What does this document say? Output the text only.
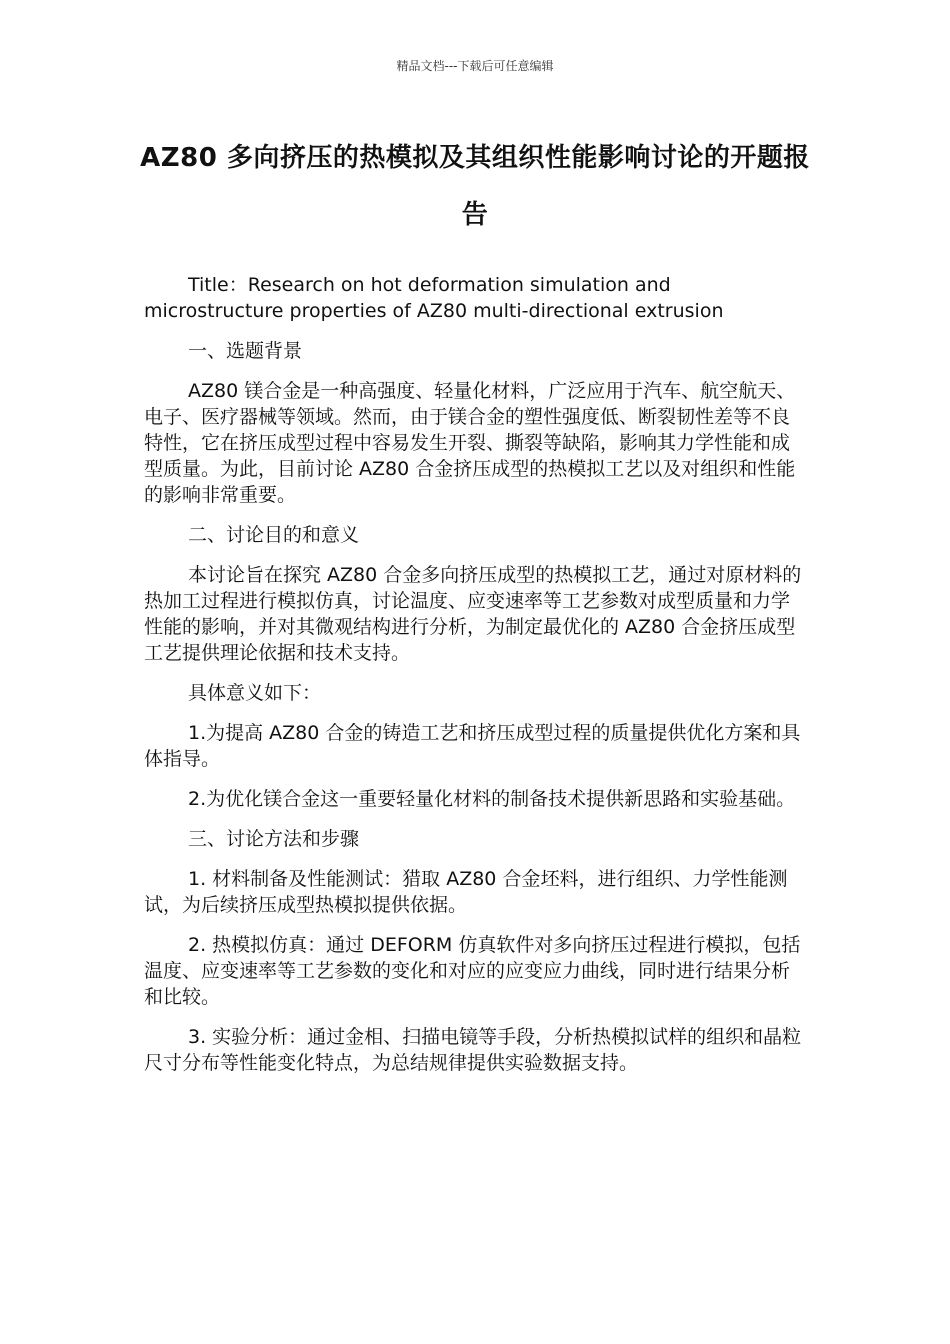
精品文档---下载后可任意编辑
AZ80 多向挤压的热模拟及其组织性能影响讨论的开题报告

Title：Research on hot deformation simulation and microstructure properties of AZ80 multi-directional extrusion

一、选题背景

AZ80 镁合金是一种高强度、轻量化材料，广泛应用于汽车、航空航天、电子、医疗器械等领域。然而，由于镁合金的塑性强度低、断裂韧性差等不良特性，它在挤压成型过程中容易发生开裂、撕裂等缺陷，影响其力学性能和成型质量。为此，目前讨论 AZ80 合金挤压成型的热模拟工艺以及对组织和性能的影响非常重要。

二、讨论目的和意义

本讨论旨在探究 AZ80 合金多向挤压成型的热模拟工艺，通过对原材料的热加工过程进行模拟仿真，讨论温度、应变速率等工艺参数对成型质量和力学性能的影响，并对其微观结构进行分析，为制定最优化的 AZ80 合金挤压成型工艺提供理论依据和技术支持。

具体意义如下：

1.为提高 AZ80 合金的铸造工艺和挤压成型过程的质量提供优化方案和具体指导。

2.为优化镁合金这一重要轻量化材料的制备技术提供新思路和实验基础。

三、讨论方法和步骤

1. 材料制备及性能测试：猎取 AZ80 合金坯料，进行组织、力学性能测试，为后续挤压成型热模拟提供依据。

2. 热模拟仿真：通过 DEFORM 仿真软件对多向挤压过程进行模拟，包括温度、应变速率等工艺参数的变化和对应的应变应力曲线，同时进行结果分析和比较。

3. 实验分析：通过金相、扫描电镜等手段，分析热模拟试样的组织和晶粒尺寸分布等性能变化特点，为总结规律提供实验数据支持。
